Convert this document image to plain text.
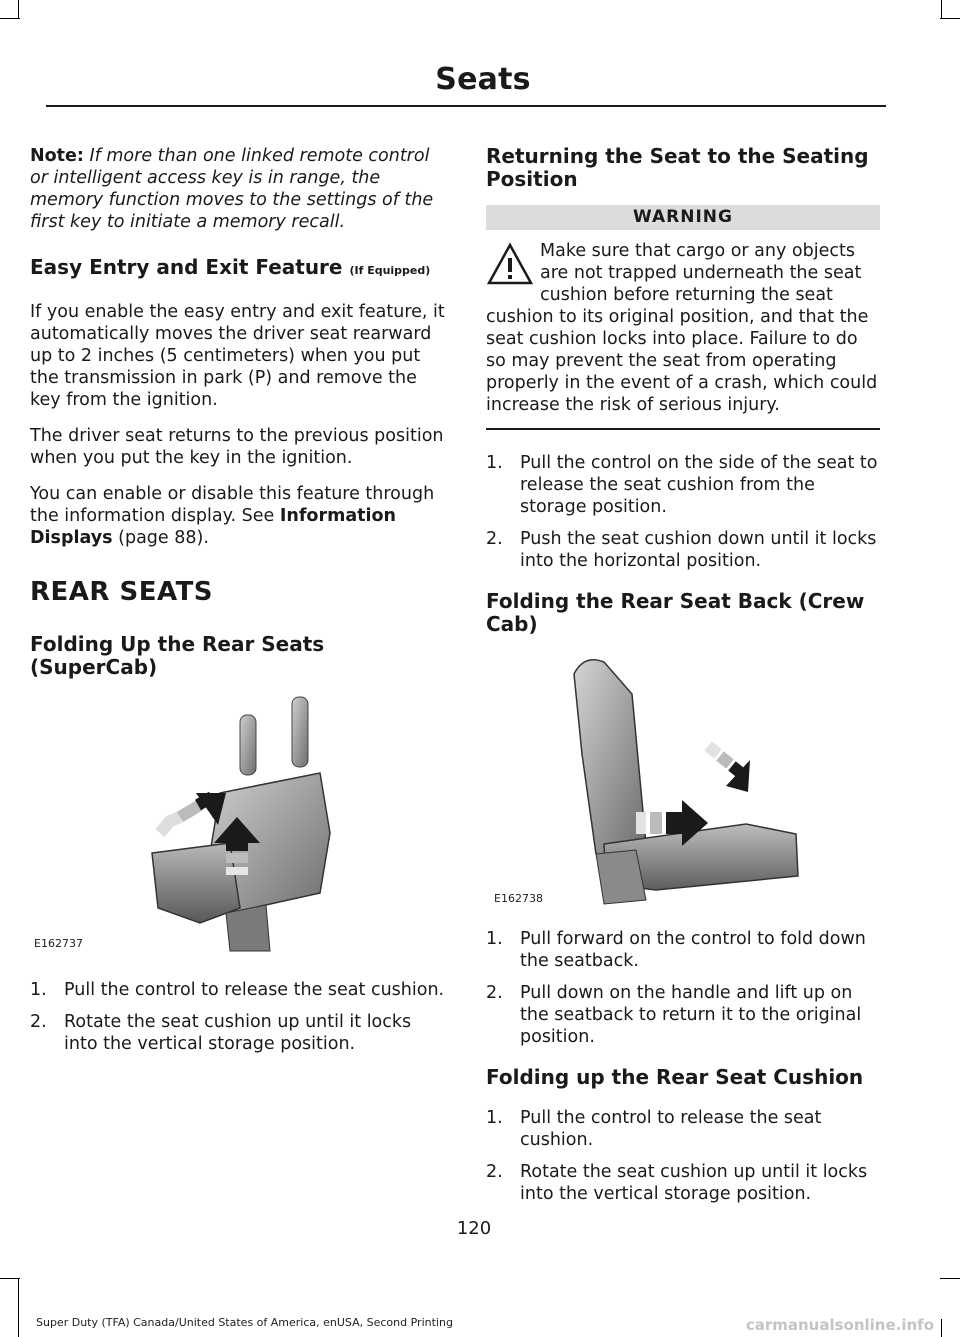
Seats

Note: If more than one linked remote control or intelligent access key is in range, the memory function moves to the settings of the first key to initiate a memory recall.

Easy Entry and Exit Feature (If Equipped)

If you enable the easy entry and exit feature, it automatically moves the driver seat rearward up to 2 inches (5 centimeters) when you put the transmission in park (P) and remove the key from the ignition.

The driver seat returns to the previous position when you put the key in the ignition.

You can enable or disable this feature through the information display. See Information Displays (page 88).

REAR SEATS
Folding Up the Rear Seats (SuperCab)
E162737
1. Pull the control to release the seat cushion.
2. Rotate the seat cushion up until it locks into the vertical storage position.
Returning the Seat to the Seating Position
WARNING
Make sure that cargo or any objects are not trapped underneath the seat cushion before returning the seat cushion to its original position, and that the seat cushion locks into place. Failure to do so may prevent the seat from operating properly in the event of a crash, which could increase the risk of serious injury.
1. Pull the control on the side of the seat to release the seat cushion from the storage position.
2. Push the seat cushion down until it locks into the horizontal position.
Folding the Rear Seat Back (Crew Cab)
E162738
1. Pull forward on the control to fold down the seatback.
2. Pull down on the handle and lift up on the seatback to return it to the original position.
Folding up the Rear Seat Cushion
1. Pull the control to release the seat cushion.
2. Rotate the seat cushion up until it locks into the vertical storage position.
120
Super Duty (TFA) Canada/United States of America, enUSA, Second Printing	carmanualsonline.info
